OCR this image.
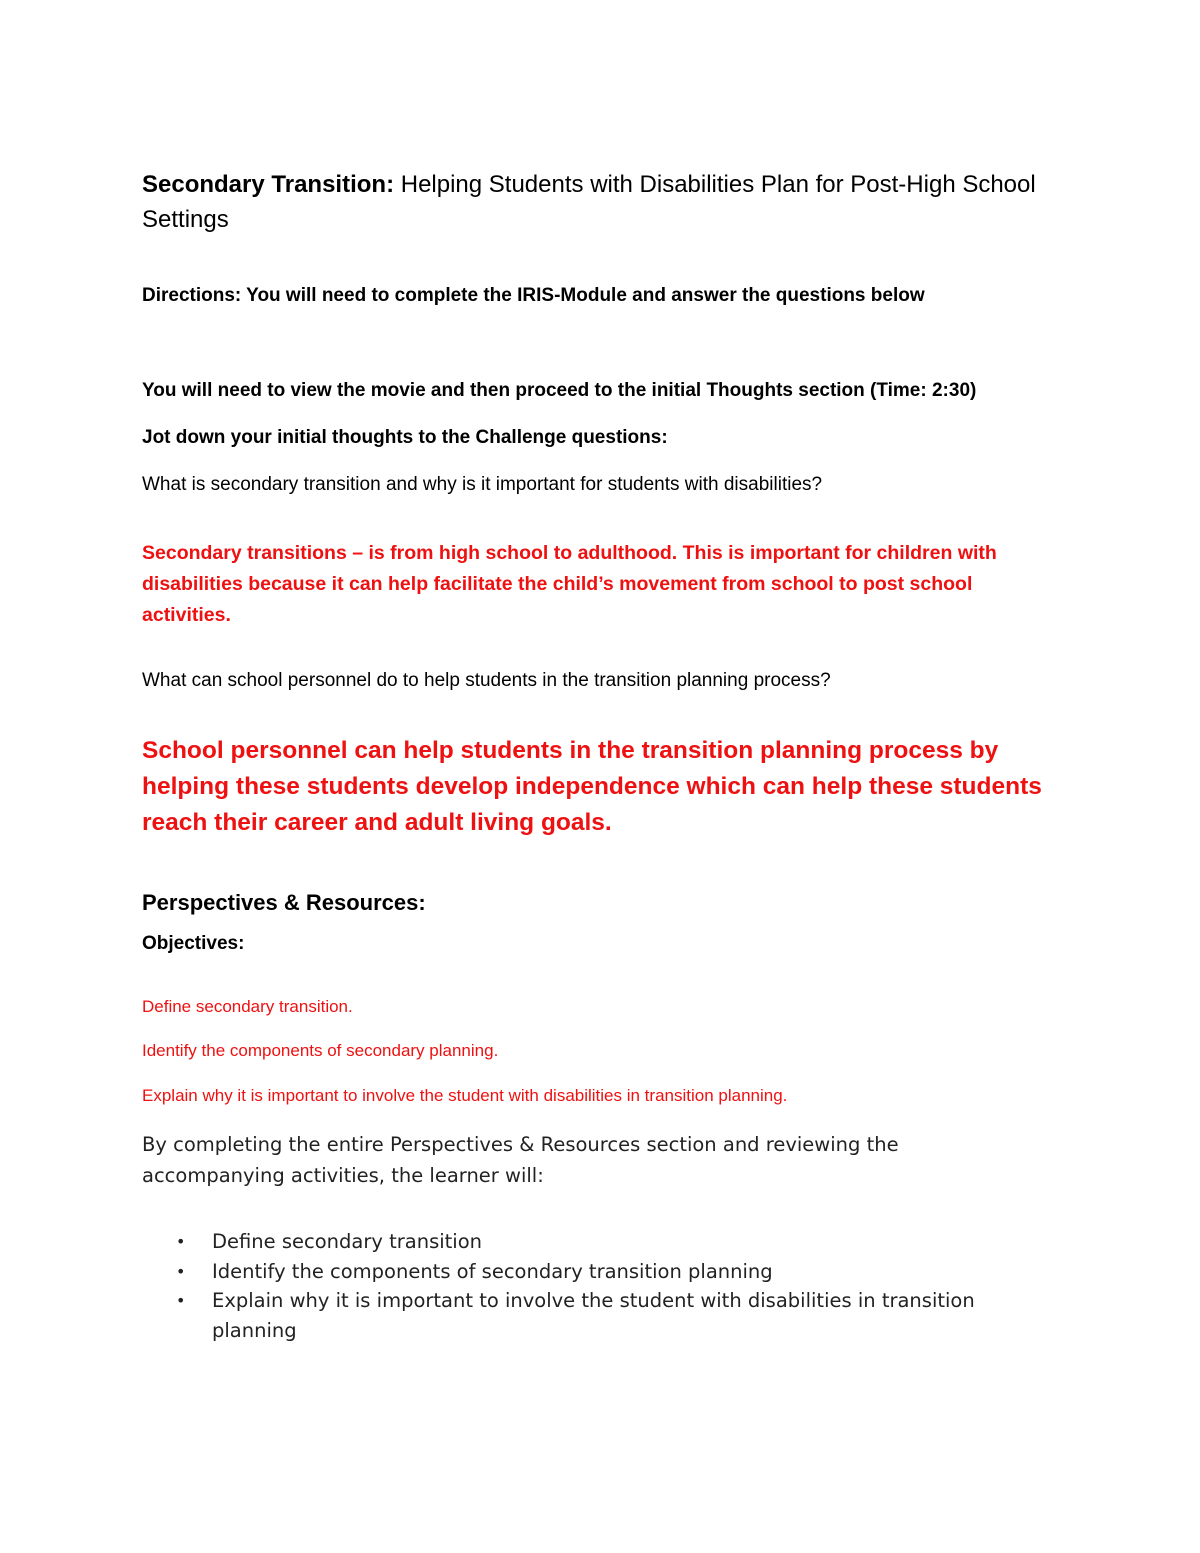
Secondary Transition: Helping Students with Disabilities Plan for Post-High School Settings

Directions: You will need to complete the IRIS-Module and answer the questions below

You will need to view the movie and then proceed to the initial Thoughts section (Time: 2:30)

Jot down your initial thoughts to the Challenge questions:

What is secondary transition and why is it important for students with disabilities?

Secondary transitions – is from high school to adulthood. This is important for children with disabilities because it can help facilitate the child’s movement from school to post school activities.

What can school personnel do to help students in the transition planning process?

School personnel can help students in the transition planning process by helping these students develop independence which can help these students reach their career and adult living goals.

Perspectives & Resources:

Objectives:

Define secondary transition.

Identify the components of secondary planning.

Explain why it is important to involve the student with disabilities in transition planning.

By completing the entire Perspectives & Resources section and reviewing the accompanying activities, the learner will:

• Define secondary transition
• Identify the components of secondary transition planning
• Explain why it is important to involve the student with disabilities in transition planning
